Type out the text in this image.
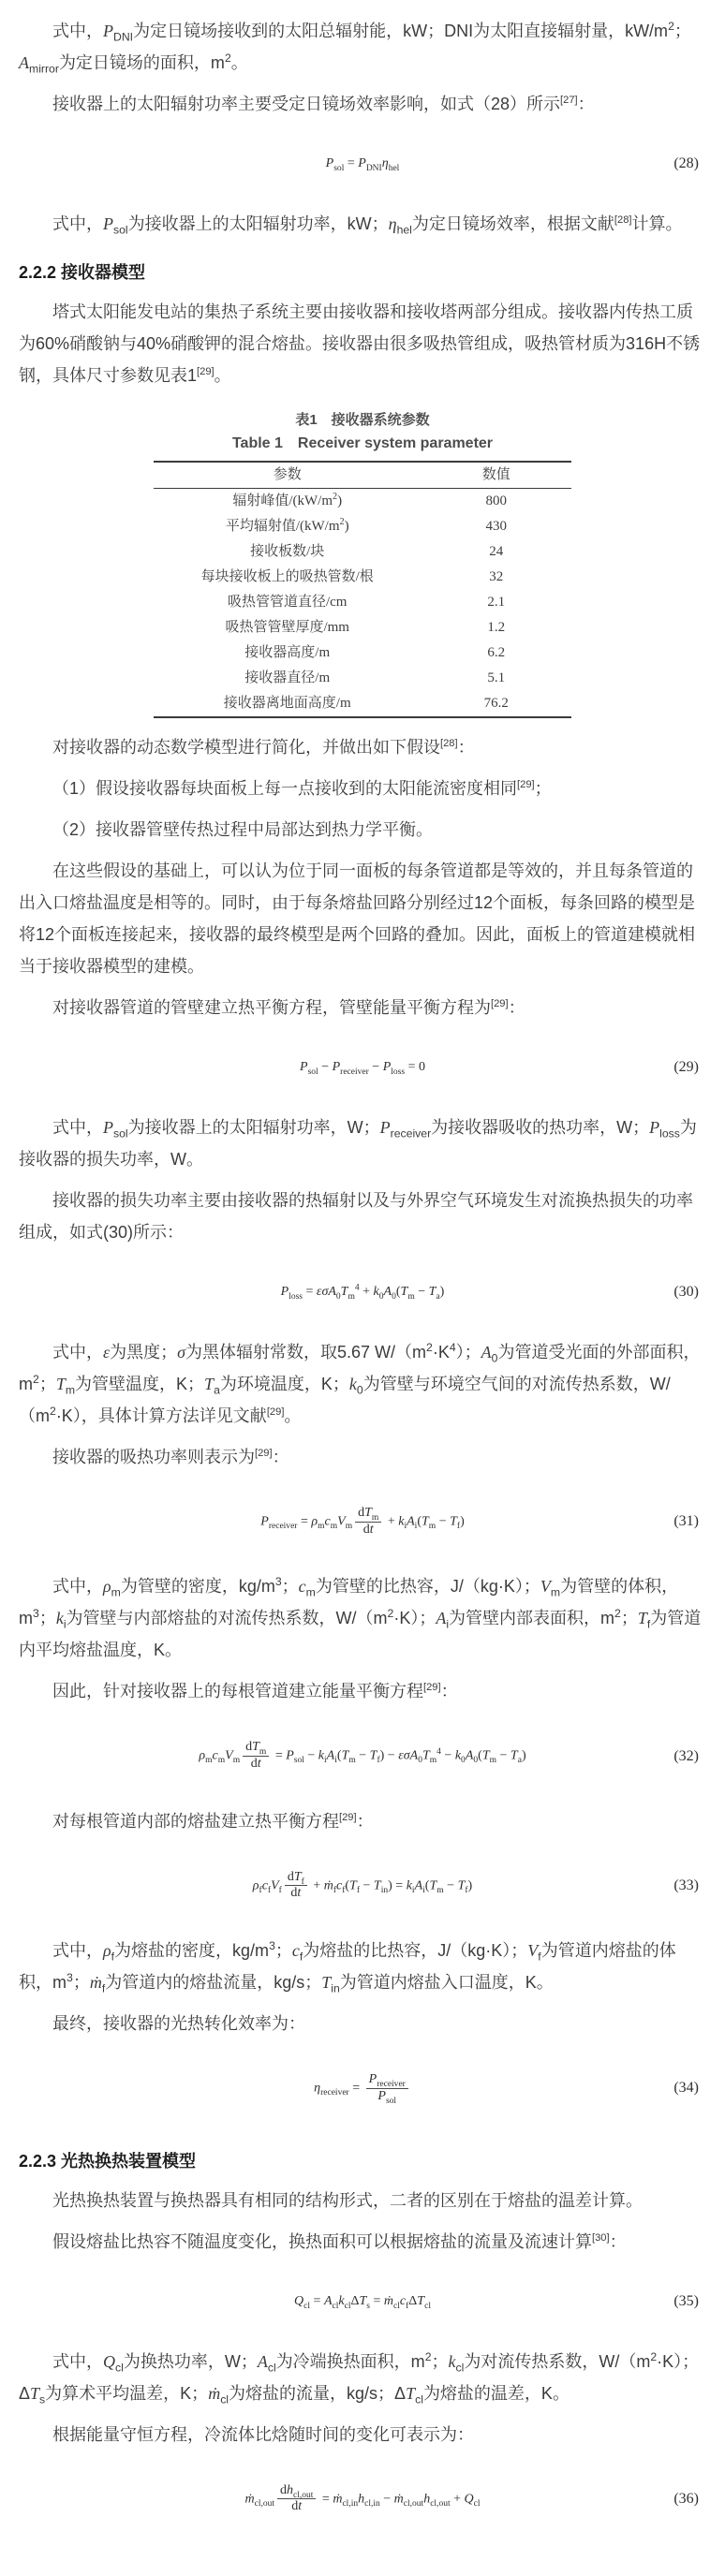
式中，$P_{DNI}$为定日镜场接收到的太阳总辐射能，kW；DNI为太阳直接辐射量，$kW/m^2$；$A_{mirror}$为定日镜场的面积，$m^2$。

接收器上的太阳辐射功率主要受定日镜场效率影响，如式（28）所示[27]：

$P_{sol} = P_{DNI}\eta_{hel}$	(28)

式中，$P_{sol}$为接收器上的太阳辐射功率，kW；$\eta_{hel}$为定日镜场效率，根据文献[28]计算。

2.2.2 接收器模型

塔式太阳能发电站的集热子系统主要由接收器和接收塔两部分组成。接收器内传热工质为60%硝酸钠与40%硝酸钾的混合熔盐。接收器由很多吸热管组成，吸热管材质为316H不锈钢，具体尺寸参数见表1[29]。

表1　接收器系统参数
Table 1　Receiver system parameter
参数	数值
辐射峰值$/(kW/m^2)$	800
平均辐射值$/(kW/m^2)$	430
接收板数/块	24
每块接收板上的吸热管数/根	32
吸热管管道直径/cm	2.1
吸热管管壁厚度/mm	1.2
接收器高度/m	6.2
接收器直径/m	5.1
接收器离地面高度/m	76.2

对接收器的动态数学模型进行简化，并做出如下假设[28]：

（1）假设接收器每块面板上每一点接收到的太阳能流密度相同[29]；

（2）接收器管壁传热过程中局部达到热力学平衡。

在这些假设的基础上，可以认为位于同一面板的每条管道都是等效的，并且每条管道的出入口熔盐温度是相等的。同时，由于每条熔盐回路分别经过12个面板，每条回路的模型是将12个面板连接起来，接收器的最终模型是两个回路的叠加。因此，面板上的管道建模就相当于接收器模型的建模。

对接收器管道的管壁建立热平衡方程，管壁能量平衡方程为[29]：

$P_{sol} - P_{receiver} - P_{loss} = 0$	(29)

式中，$P_{sol}$为接收器上的太阳辐射功率，W；$P_{receiver}$为接收器吸收的热功率，W；$P_{loss}$为接收器的损失功率，W。

接收器的损失功率主要由接收器的热辐射以及与外界空气环境发生对流换热损失的功率组成，如式(30)所示：

$P_{loss} = \varepsilon\sigma A_0T_m^4 + k_0A_0(T_m - T_a)$	(30)

式中，ε为黑度；σ为黑体辐射常数，取5.67 $W/(m^2\cdot K^4)$；$A_0$为管道受光面的外部面积，$m^2$；$T_m$为管壁温度，K；$T_a$为环境温度，K；$k_0$为管壁与环境空气间的对流传热系数，$W/(m^2\cdot K)$，具体计算方法详见文献[29]。

接收器的吸热功率则表示为[29]：

$P_{receiver} = \rho_mc_mV_m \frac{dT_m}{dt} + k_iA_i(T_m - T_f)$	(31)

式中，$\rho_m$为管壁的密度，$kg/m^3$；$c_m$为管壁的比热容，J/（kg·K）；$V_m$为管壁的体积，$m^3$；$k_i$为管壁与内部熔盐的对流传热系数，$W/(m^2\cdot K)$；$A_i$为管壁内部表面积，$m^2$；$T_f$为管道内平均熔盐温度，K。

因此，针对接收器上的每根管道建立能量平衡方程[29]：

$\rho_mc_mV_m \frac{dT_m}{dt} = P_{sol} - k_iA_i(T_m - T_f) - \varepsilon\sigma A_0T_m^4 - k_0A_0(T_m - T_a)$	(32)

对每根管道内部的熔盐建立热平衡方程[29]：

$\rho_fc_fV_f \frac{dT_f}{dt}$ + $ṁ_fc_f(T_f - T_{in}) = k_iA_i(T_m - T_f)$	(33)

式中，$\rho_f$为熔盐的密度，$kg/m^3$；$c_f$为熔盐的比热容，J/（kg·K）；$V_f$为管道内熔盐的体积，$m^3$；ṁ$_f$为管道内的熔盐流量，kg/s；$T_{in}$为管道内熔盐入口温度，K。

最终，接收器的光热转化效率为：

$\eta_{receiver} = \frac{P_{receiver}}{P_{sol}}$	(34)
2.2.3 光热换热装置模型

光热换热装置与换热器具有相同的结构形式，二者的区别在于熔盐的温差计算。

假设熔盐比热容不随温度变化，换热面积可以根据熔盐的流量及流速计算[30]：

$Q_{cl} = A_{cl}k_{cl}\Delta T_s$ = $ṁ_{cl}c_f\Delta T_{cl}$	(35)

式中，$Q_{cl}$为换热功率，W；$A_{cl}$为冷端换热面积，$m^2$；$k_{cl}$为对流传热系数，$W/(m^2\cdot K)$；$\Delta T_s$为算术平均温差，K；ṁ$_{cl}$为熔盐的流量，kg/s；$\Delta T_{cl}$为熔盐的温差，K。

根据能量守恒方程，冷流体比焓随时间的变化可表示为：

ṁ$_{cl,out}$ $\frac{dh_{cl,out}}{dt}$ = $ṁ_{cl,in}h_{cl,in}$ − $ṁ_{cl,out}h_{cl,out} + Q_{cl}$	(36)
